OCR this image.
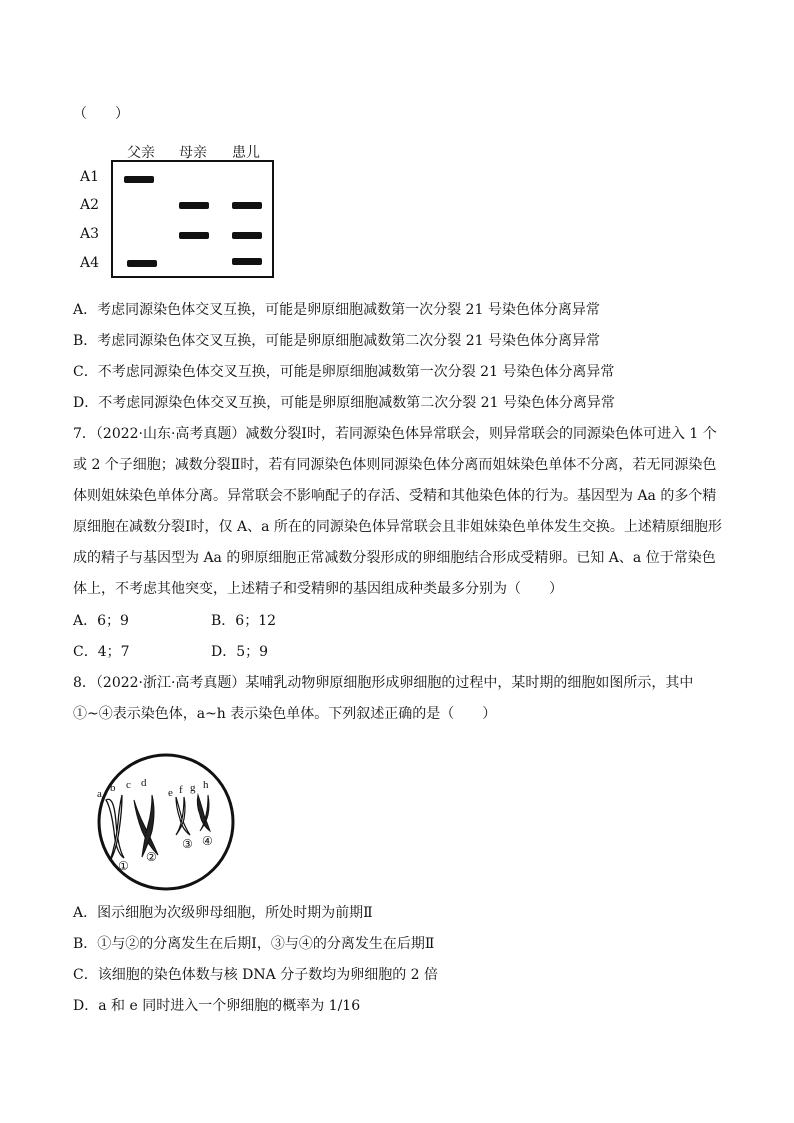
（　　）
父亲 母亲 患儿
A1
A2
A3
A4
A．考虑同源染色体交叉互换，可能是卵原细胞减数第一次分裂 21 号染色体分离异常
B．考虑同源染色体交叉互换，可能是卵原细胞减数第二次分裂 21 号染色体分离异常
C．不考虑同源染色体交叉互换，可能是卵原细胞减数第一次分裂 21 号染色体分离异常
D．不考虑同源染色体交叉互换，可能是卵原细胞减数第二次分裂 21 号染色体分离异常
7．（2022·山东·高考真题）减数分裂Ⅰ时，若同源染色体异常联会，则异常联会的同源染色体可进入 1 个或 2 个子细胞；减数分裂Ⅱ时，若有同源染色体则同源染色体分离而姐妹染色单体不分离，若无同源染色体则姐妹染色单体分离。异常联会不影响配子的存活、受精和其他染色体的行为。基因型为 Aa 的多个精原细胞在减数分裂Ⅰ时，仅 A、a 所在的同源染色体异常联会且非姐妹染色单体发生交换。上述精原细胞形成的精子与基因型为 Aa 的卵原细胞正常减数分裂形成的卵细胞结合形成受精卵。已知 A、a 位于常染色体上，不考虑其他突变，上述精子和受精卵的基因组成种类最多分别为（　　）
A．6；9	B．6；12
C．4；7	D．5；9
8．（2022·浙江·高考真题）某哺乳动物卵原细胞形成卵细胞的过程中，某时期的细胞如图所示，其中①~④表示染色体，a~h 表示染色单体。下列叙述正确的是（　　）
a b c d
e f g h
①
②
③ ④
A．图示细胞为次级卵母细胞，所处时期为前期Ⅱ
B．①与②的分离发生在后期Ⅰ，③与④的分离发生在后期Ⅱ
C．该细胞的染色体数与核 DNA 分子数均为卵细胞的 2 倍
D．a 和 e 同时进入一个卵细胞的概率为 1/16
